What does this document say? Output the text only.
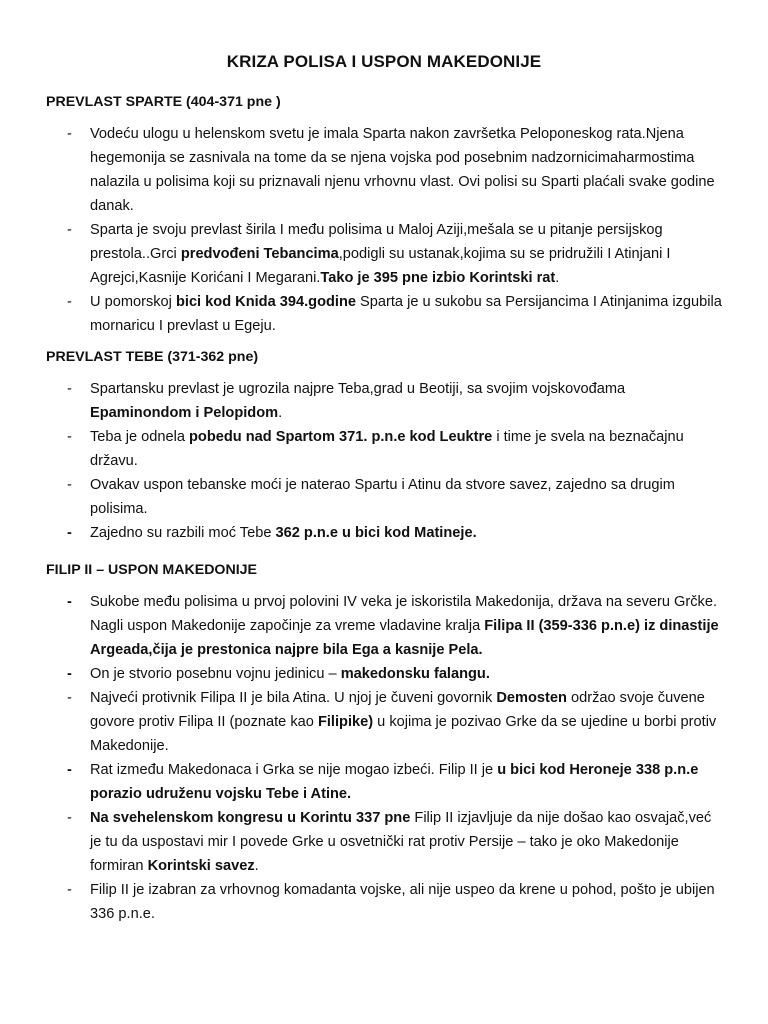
KRIZA POLISA I USPON MAKEDONIJE
PREVLAST SPARTE (404-371 pne )
- Vodeću ulogu u helenskom svetu je imala Sparta nakon završetka Peloponeskog rata.Njena hegemonija se zasnivala na tome da se njena vojska pod posebnim nadzornicimaharmostima nalazila u polisima koji su priznavali njenu vrhovnu vlast. Ovi polisi su Sparti plaćali svake godine danak.
- Sparta je svoju prevlast širila I među polisima u Maloj Aziji,mešala se u pitanje persijskog prestola..Grci predvođeni Tebancima,podigli su ustanak,kojima su se pridružili I Atinjani I Agrejci,Kasnije Korićani I Megarani.Tako je 395 pne izbio Korintski rat.
- U pomorskoj bici kod Knida 394.godine Sparta je u sukobu sa Persijancima I Atinjanima izgubila mornaricu I prevlast u Egeju.
PREVLAST TEBE (371-362 pne)
- Spartansku prevlast je ugrozila najpre Teba,grad u Beotiji, sa svojim vojskovođama Epaminondom i Pelopidom.
- Teba je odnela pobedu nad Spartom 371. p.n.e kod Leuktre i time je svela na beznačajnu državu.
- Ovakav uspon tebanske moći je naterao Spartu i Atinu da stvore savez, zajedno sa drugim polisima.
- Zajedno su razbili moć Tebe 362 p.n.e u bici kod Matineje.
FILIP II – USPON MAKEDONIJE
- Sukobe među polisima u prvoj polovini IV veka je iskoristila Makedonija, država na severu Grčke. Nagli uspon Makedonije započinje za vreme vladavine kralja Filipa II (359-336 p.n.e) iz dinastije Argeada,čija je prestonica najpre bila Ega a kasnije Pela.
- On je stvorio posebnu vojnu jedinicu – makedonsku falangu.
- Najveći protivnik Filipa II je bila Atina. U njoj je čuveni govornik Demosten održao svoje čuvene govore protiv Filipa II (poznate kao Filipike) u kojima je pozivao Grke da se ujedine u borbi protiv Makedonije.
- Rat između Makedonaca i Grka se nije mogao izbeći. Filip II je u bici kod Heroneje 338 p.n.e porazio udruženu vojsku Tebe i Atine.
- Na svehelenskom kongresu u Korintu 337 pne Filip II izjavljuje da nije došao kao osvajač,već je tu da uspostavi mir I povede Grke u osvetnički rat protiv Persije – tako je oko Makedonije formiran Korintski savez.
- Filip II je izabran za vrhovnog komadanta vojske, ali nije uspeo da krene u pohod, pošto je ubijen 336 p.n.e.
